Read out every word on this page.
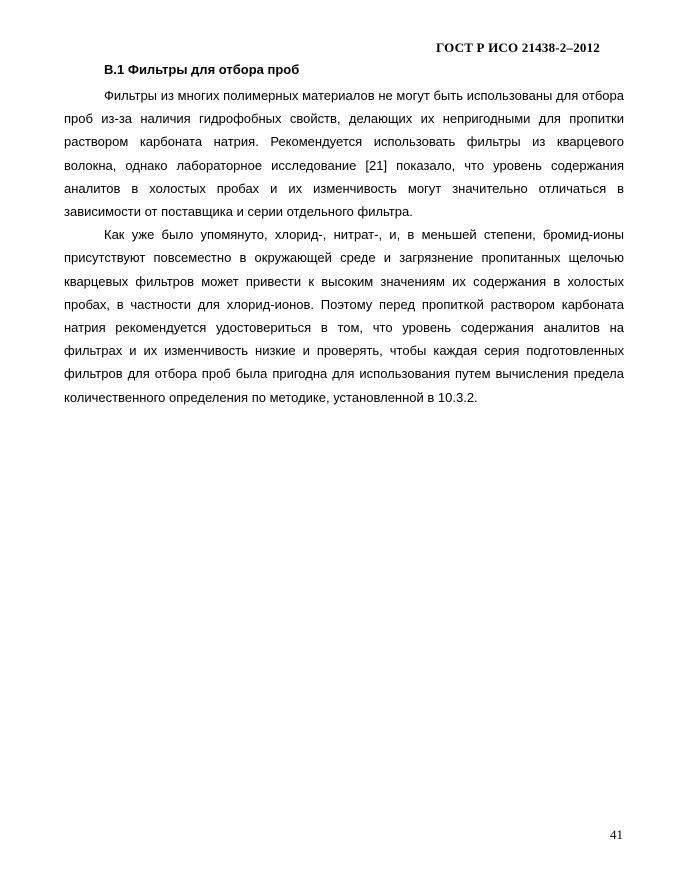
ГОСТ Р ИСО 21438-2–2012
В.1 Фильтры для отбора проб

Фильтры из многих полимерных материалов не могут быть использованы для отбора проб из-за наличия гидрофобных свойств, делающих их непригодными для пропитки раствором карбоната натрия. Рекомендуется использовать фильтры из кварцевого волокна, однако лабораторное исследование [21] показало, что уровень содержания аналитов в холостых пробах и их изменчивость могут значительно отличаться в зависимости от поставщика и серии отдельного фильтра.

Как уже было упомянуто, хлорид-, нитрат-, и, в меньшей степени, бромид-ионы присутствуют повсеместно в окружающей среде и загрязнение пропитанных щелочью кварцевых фильтров может привести к высоким значениям их содержания в холостых пробах, в частности для хлорид-ионов. Поэтому перед пропиткой раствором карбоната натрия рекомендуется удостовериться в том, что уровень содержания аналитов на фильтрах и их изменчивость низкие и проверять, чтобы каждая серия подготовленных фильтров для отбора проб была пригодна для использования путем вычисления предела количественного определения по методике, установленной в 10.3.2.

41
